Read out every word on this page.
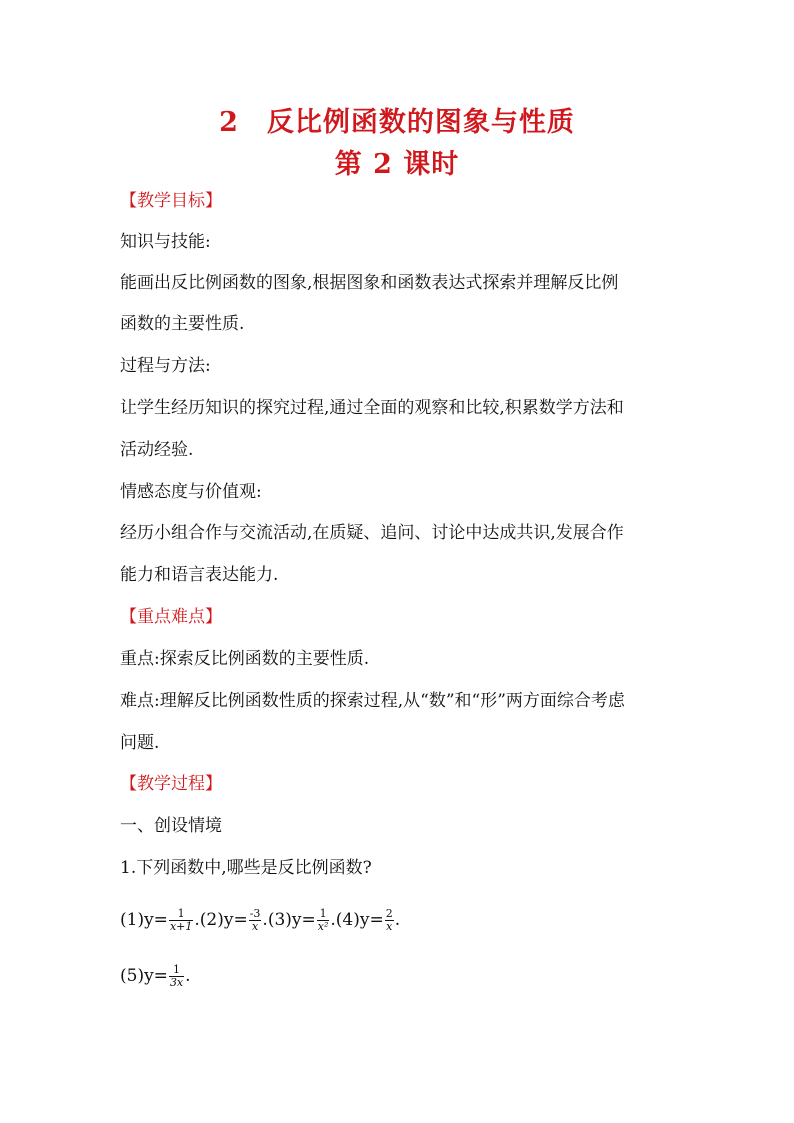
2　反比例函数的图象与性质
第 2 课时
【教学目标】
知识与技能:
能画出反比例函数的图象,根据图象和函数表达式探索并理解反比例
函数的主要性质.
过程与方法:
让学生经历知识的探究过程,通过全面的观察和比较,积累数学方法和
活动经验.
情感态度与价值观:
经历小组合作与交流活动,在质疑、追问、讨论中达成共识,发展合作
能力和语言表达能力.
【重点难点】
重点:探索反比例函数的主要性质.
难点:理解反比例函数性质的探索过程,从“数”和“形”两方面综合考虑
问题.
【教学过程】
一、创设情境
1.下列函数中,哪些是反比例函数?
$(1)y= \frac{1}{x+1} .(2)y= \frac{-3}{x} .(3)y= \frac{1}{\text{x²}} .(4)y= \frac{2}{x}$ .
$(5)y= \frac{1}{3x}$ .
